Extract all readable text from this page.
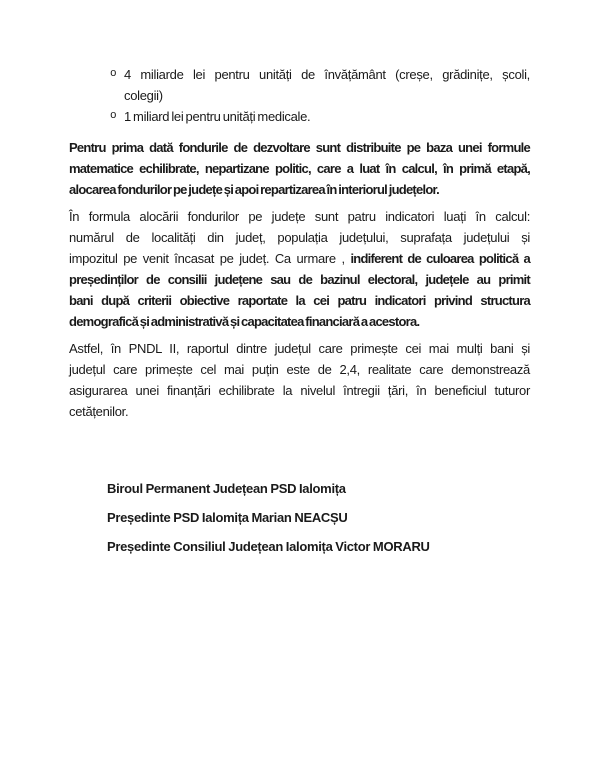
o 4 miliarde lei pentru unități de învățământ (creșe, grădinițe, școli,
colegii)
o 1 miliard lei pentru unități medicale.
Pentru prima dată fondurile de dezvoltare sunt distribuite pe baza unei formule
matematice echilibrate, nepartizane politic, care a luat în calcul, în primă etapă,
alocarea fondurilor pe județe și apoi repartizarea în interiorul județelor.
În formula alocării fondurilor pe județe sunt patru indicatori luați în calcul:
numărul de localități din județ, populația județului, suprafața județului și
impozitul pe venit încasat pe județ. Ca urmare , indiferent de culoarea politică a
președinților de consilii județene sau de bazinul electoral, județele au primit
bani după criterii obiective raportate la cei patru indicatori privind structura
demografică și administrativă și capacitatea financiară a acestora.
Astfel, în PNDL II, raportul dintre județul care primește cei mai mulți bani și
județul care primește cel mai puțin este de 2,4, realitate care demonstrează
asigurarea unei finanțări echilibrate la nivelul întregii țări, în beneficiul tuturor
cetățenilor.
Biroul Permanent Județean PSD Ialomița
Președinte PSD Ialomița Marian NEACȘU
Președinte Consiliul Județean Ialomița Victor MORARU
